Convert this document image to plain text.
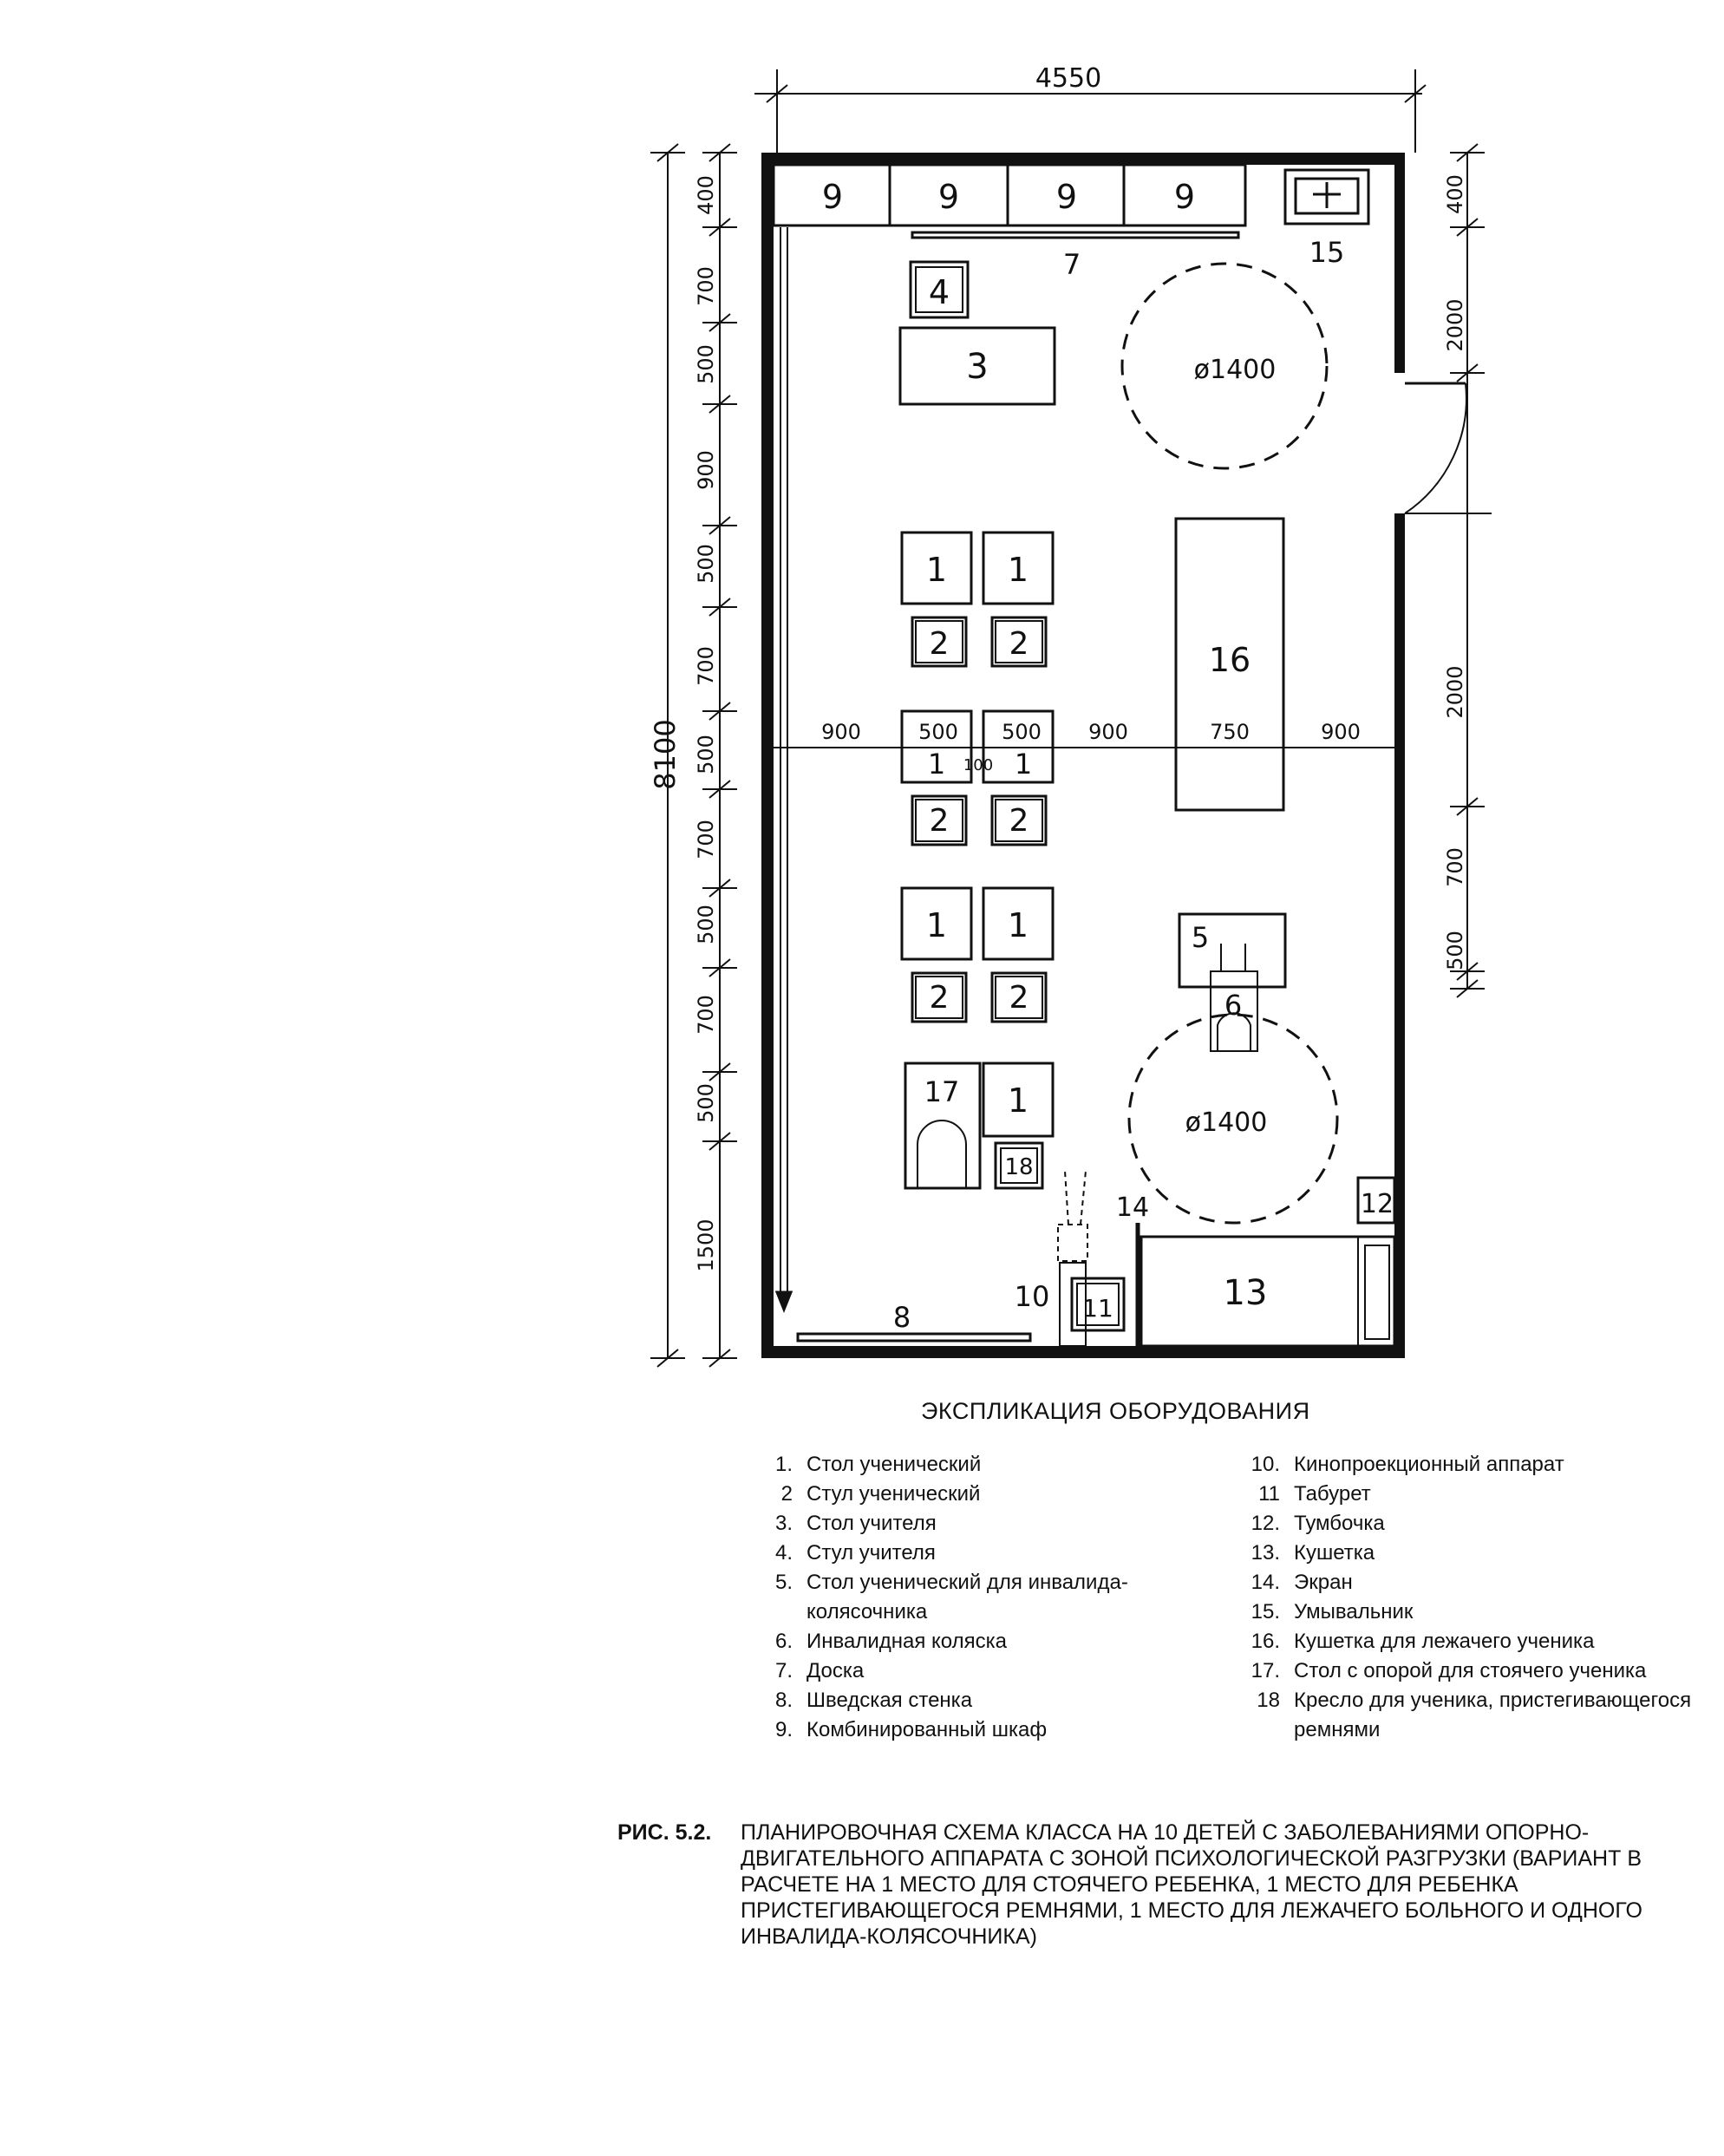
4550
8100
9	9	9	9
15
7
4
3	ø1400
ø1400
1 1
2 2
1 1
100
2 2
1 1
2 2
1
17
18
16
5
6
10 11
14	12
13
8
400
700
500
900
500
700
500
700
500
700
500
1500
400
2000
2000
700
500
900	500 500 900	750	900
ЭКСПЛИКАЦИЯ ОБОРУДОВАНИЯ
1. Стол ученический
2 Стул ученический
3. Стол учителя
4. Стул учителя
5. Стол ученический для инвалида-колясочника
6. Инвалидная коляска
7. Доска
8. Шведская стенка
9. Комбинированный шкаф
10. Кинопроекционный аппарат
11 Табурет
12. Тумбочка
13. Кушетка
14. Экран
15. Умывальник
16. Кушетка для лежачего ученика
17. Стол с опорой для стоячего ученика
18 Кресло для ученика, пристегивающегося ремнями
РИС. 5.2.	ПЛАНИРОВОЧНАЯ СХЕМА КЛАССА НА 10 ДЕТЕЙ С ЗАБОЛЕВАНИЯМИ ОПОРНО-ДВИГАТЕЛЬНОГО АППАРАТА С ЗОНОЙ ПСИХОЛОГИЧЕСКОЙ РАЗГРУЗКИ (ВАРИАНТ В РАСЧЕТЕ НА 1 МЕСТО ДЛЯ СТОЯЧЕГО РЕБЕНКА, 1 МЕСТО ДЛЯ РЕБЕНКА ПРИСТЕГИВАЮЩЕГОСЯ РЕМНЯМИ, 1 МЕСТО ДЛЯ ЛЕЖАЧЕГО БОЛЬНОГО И ОДНОГО ИНВАЛИДА-КОЛЯСОЧНИКА)
